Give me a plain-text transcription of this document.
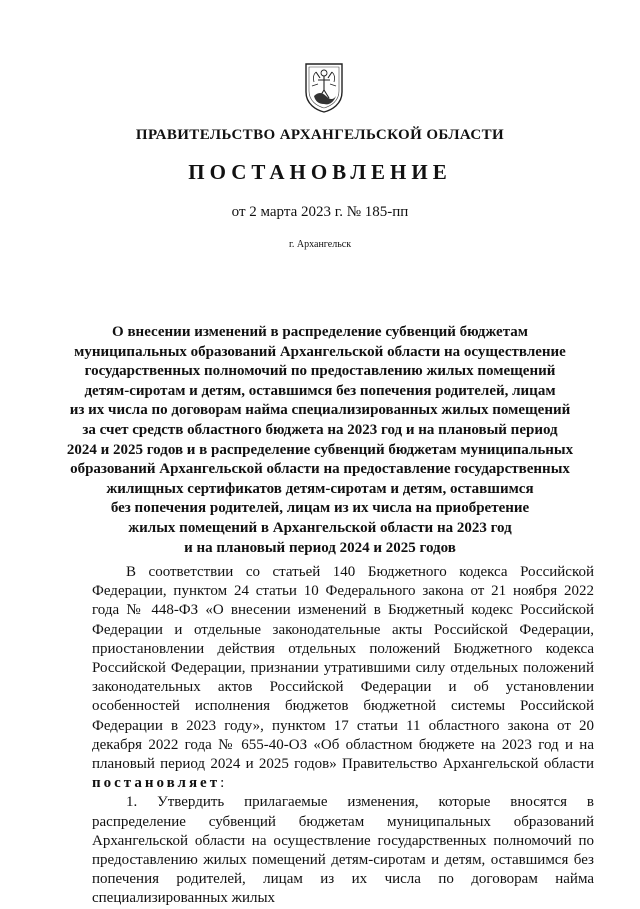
ПРАВИТЕЛЬСТВО АРХАНГЕЛЬСКОЙ ОБЛАСТИ
ПОСТАНОВЛЕНИЕ
от 2 марта 2023 г. № 185-пп
г. Архангельск
О внесении изменений в распределение субвенций бюджетам
муниципальных образований Архангельской области на осуществление
государственных полномочий по предоставлению жилых помещений
детям-сиротам и детям, оставшимся без попечения родителей, лицам
из их числа по договорам найма специализированных жилых помещений
за счет средств областного бюджета на 2023 год и на плановый период
2024 и 2025 годов и в распределение субвенций бюджетам муниципальных
образований Архангельской области на предоставление государственных
жилищных сертификатов детям-сиротам и детям, оставшимся
без попечения родителей, лицам из их числа на приобретение
жилых помещений в Архангельской области на 2023 год
и на плановый период 2024 и 2025 годов

В соответствии со статьей 140 Бюджетного кодекса Российской Федерации, пунктом 24 статьи 10 Федерального закона от 21 ноября 2022 года № 448-ФЗ «О внесении изменений в Бюджетный кодекс Российской Федерации и отдельные законодательные акты Российской Федерации, приостановлении действия отдельных положений Бюджетного кодекса Российской Федерации, признании утратившими силу отдельных положений законодательных актов Российской Федерации и об установлении особенностей исполнения бюджетов бюджетной системы Российской Федерации в 2023 году», пунктом 17 статьи 11 областного закона от 20 декабря 2022 года № 655-40-ОЗ «Об областном бюджете на 2023 год и на плановый период 2024 и 2025 годов» Правительство Архангельской области постановляет:

1. Утвердить прилагаемые изменения, которые вносятся в распределение субвенций бюджетам муниципальных образований Архангельской области на осуществление государственных полномочий по предоставлению жилых помещений детям-сиротам и детям, оставшимся без попечения родителей, лицам из их числа по договорам найма специализированных жилых
